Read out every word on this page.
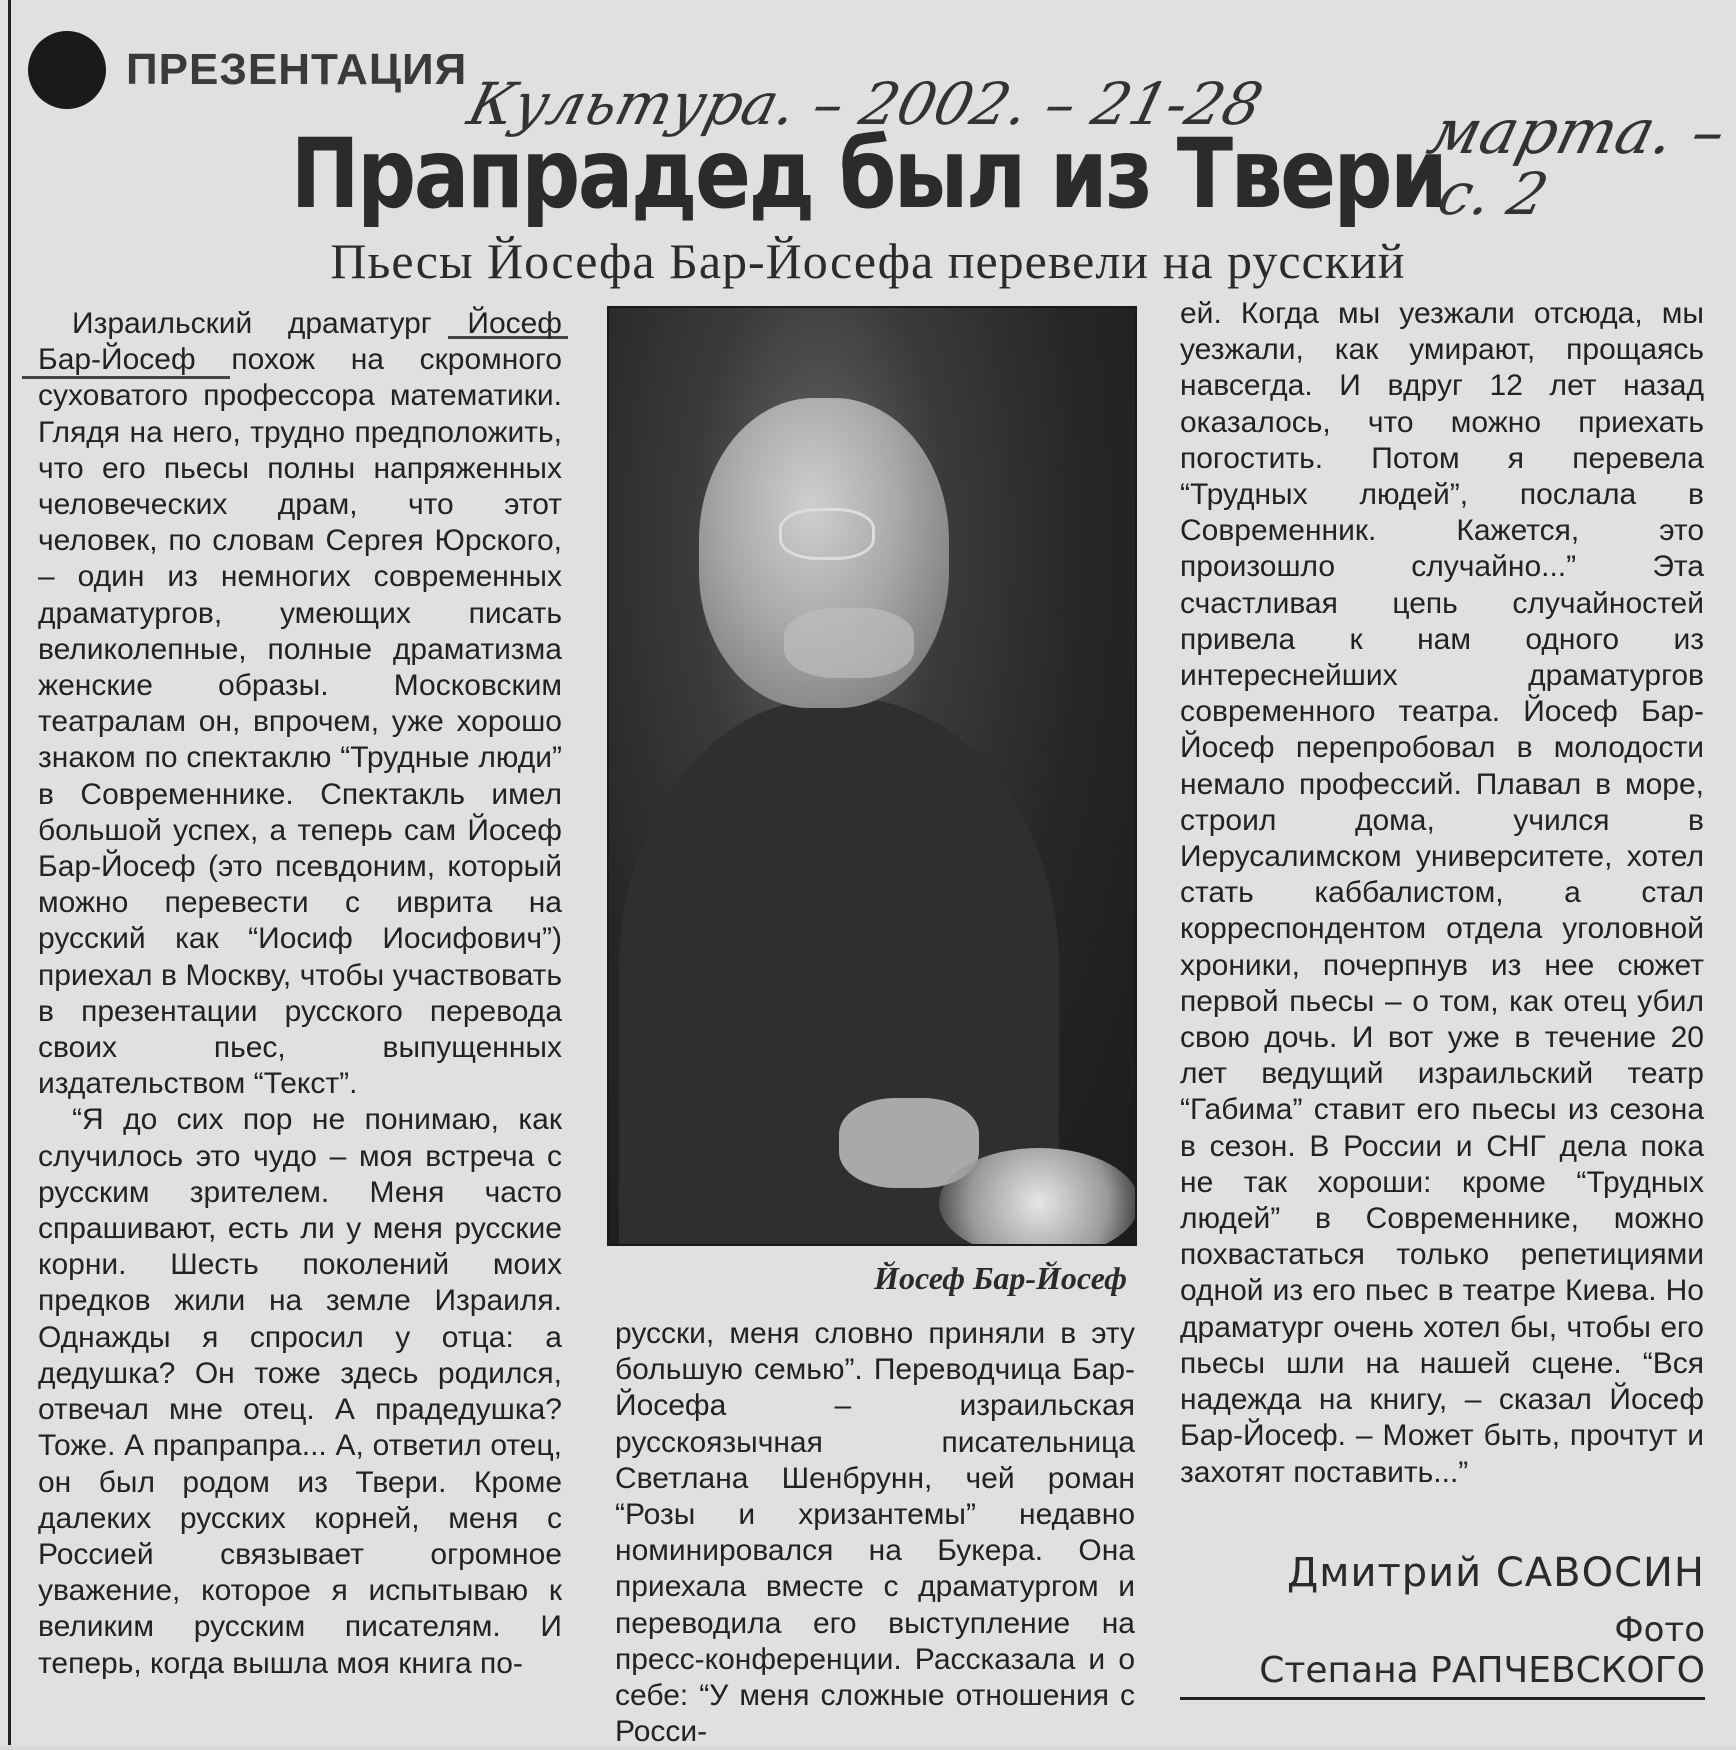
ПРЕЗЕНТАЦИЯ
Культура. – 2002. – 21-28 марта. –
с. 2
Прапрадед был из Твери
Пьесы Йосефа Бар-Йосефа перевели на русский

Израильский драматург Йосеф Бар-Йосеф похож на скромного суховатого профессора математики. Глядя на него, трудно предположить, что его пьесы полны напряженных человеческих драм, что этот человек, по словам Сергея Юрского, – один из немногих современных драматургов, умеющих писать великолепные, полные драматизма женские образы. Московским театралам он, впрочем, уже хорошо знаком по спектаклю “Трудные люди” в Современнике. Спектакль имел большой успех, а теперь сам Йосеф Бар-Йосеф (это псевдоним, который можно перевести с иврита на русский как “Иосиф Иосифович”) приехал в Москву, чтобы участвовать в презентации русского перевода своих пьес, выпущенных издательством “Текст”.

“Я до сих пор не понимаю, как случилось это чудо – моя встреча с русским зрителем. Меня часто спрашивают, есть ли у меня русские корни. Шесть поколений моих предков жили на земле Израиля. Однажды я спросил у отца: а дедушка? Он тоже здесь родился, отвечал мне отец. А прадедушка? Тоже. А прапрапра... А, ответил отец, он был родом из Твери. Кроме далеких русских корней, меня с Россией связывает огромное уважение, которое я испытываю к великим русским писателям. И теперь, когда вышла моя книга по-

Йосеф Бар-Йосеф

русски, меня словно приняли в эту большую семью”. Переводчица Бар-Йосефа – израильская русскоязычная писательница Светлана Шенбрунн, чей роман “Розы и хризантемы” недавно номинировался на Букера. Она приехала вместе с драматургом и переводила его выступление на пресс-конференции. Рассказала и о себе: “У меня сложные отношения с Росси-

ей. Когда мы уезжали отсюда, мы уезжали, как умирают, прощаясь навсегда. И вдруг 12 лет назад оказалось, что можно приехать погостить. Потом я перевела “Трудных людей”, послала в Современник. Кажется, это произошло случайно...” Эта счастливая цепь случайностей привела к нам одного из интереснейших драматургов современного театра. Йосеф Бар-Йосеф перепробовал в молодости немало профессий. Плавал в море, строил дома, учился в Иерусалимском университете, хотел стать каббалистом, а стал корреспондентом отдела уголовной хроники, почерпнув из нее сюжет первой пьесы – о том, как отец убил свою дочь. И вот уже в течение 20 лет ведущий израильский театр “Габима” ставит его пьесы из сезона в сезон. В России и СНГ дела пока не так хороши: кроме “Трудных людей” в Современнике, можно похвастаться только репетициями одной из его пьес в театре Киева. Но драматург очень хотел бы, чтобы его пьесы шли на нашей сцене. “Вся надежда на книгу, – сказал Йосеф Бар-Йосеф. – Может быть, прочтут и захотят поставить...”

Дмитрий САВОСИН
Фото
Степана РАПЧЕВСКОГО
